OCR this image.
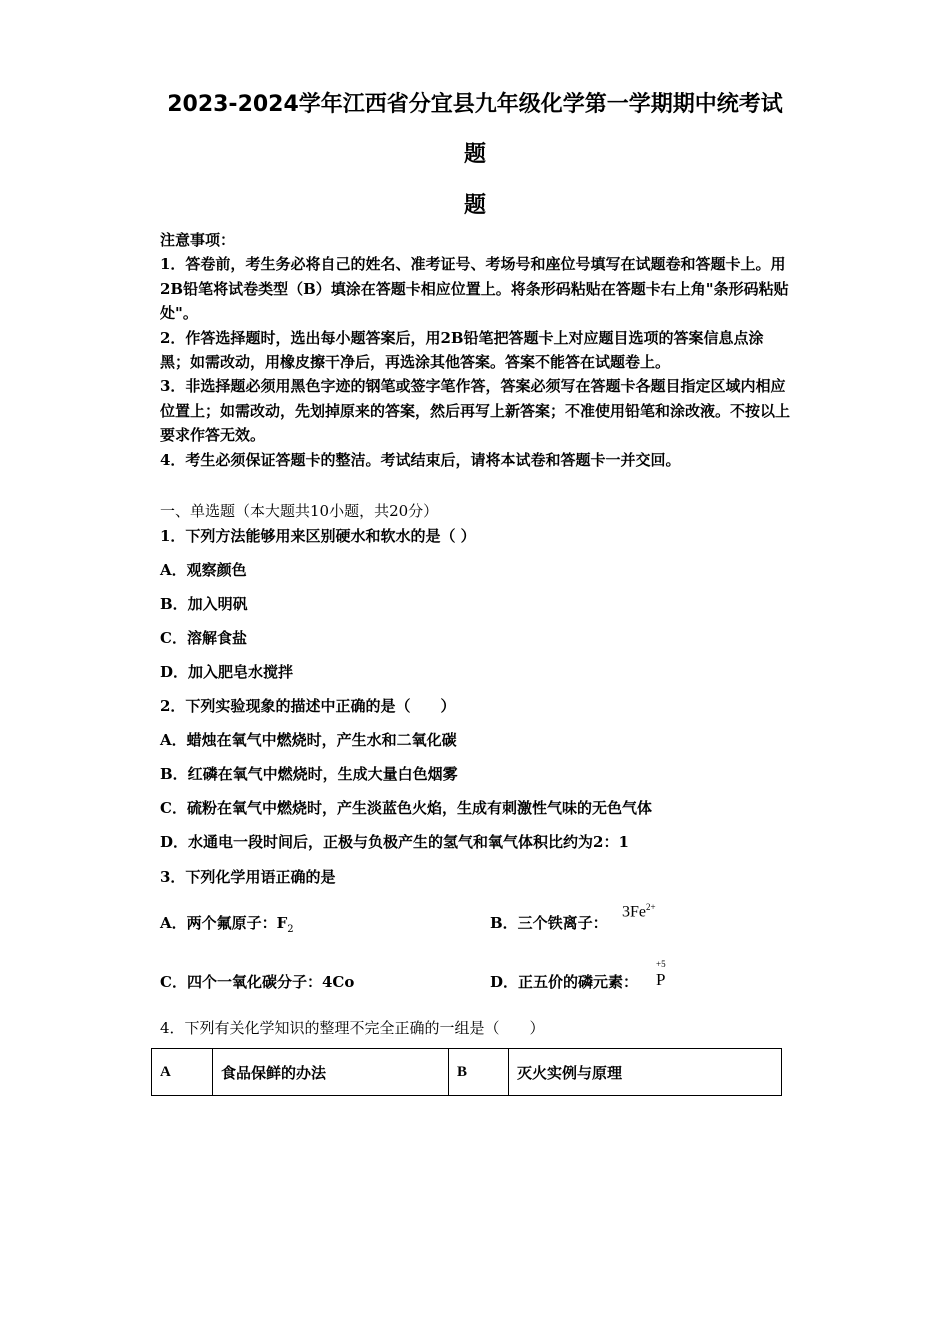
2023-2024学年江西省分宜县九年级化学第一学期期中统考试
题
题

注意事项：

1．答卷前，考生务必将自己的姓名、准考证号、考场号和座位号填写在试题卷和答题卡上。用2B铅笔将试卷类型（B）填涂在答题卡相应位置上。将条形码粘贴在答题卡右上角"条形码粘贴处"。

2．作答选择题时，选出每小题答案后，用2B铅笔把答题卡上对应题目选项的答案信息点涂黑；如需改动，用橡皮擦干净后，再选涂其他答案。答案不能答在试题卷上。

3．非选择题必须用黑色字迹的钢笔或签字笔作答，答案必须写在答题卡各题目指定区域内相应位置上；如需改动，先划掉原来的答案，然后再写上新答案；不准使用铅笔和涂改液。不按以上要求作答无效。

4．考生必须保证答题卡的整洁。考试结束后，请将本试卷和答题卡一并交回。

一、单选题（本大题共10小题，共20分）
1．下列方法能够用来区别硬水和软水的是（ ）
A．观察颜色
B．加入明矾
C．溶解食盐
D．加入肥皂水搅拌
2．下列实验现象的描述中正确的是（　　）
A．蜡烛在氧气中燃烧时，产生水和二氧化碳
B．红磷在氧气中燃烧时，生成大量白色烟雾
C．硫粉在氧气中燃烧时，产生淡蓝色火焰，生成有刺激性气味的无色气体
D．水通电一段时间后，正极与负极产生的氢气和氧气体积比约为2：1
3．下列化学用语正确的是
A．两个氟原子：$F_2$	B．三个铁离子：
$3Fe^{2+}$
C．四个一氧化碳分子：4Co	D．正五价的磷元素：
+5
P
4．下列有关化学知识的整理不完全正确的一组是（　　）
A	食品保鲜的办法	B	灭火实例与原理
